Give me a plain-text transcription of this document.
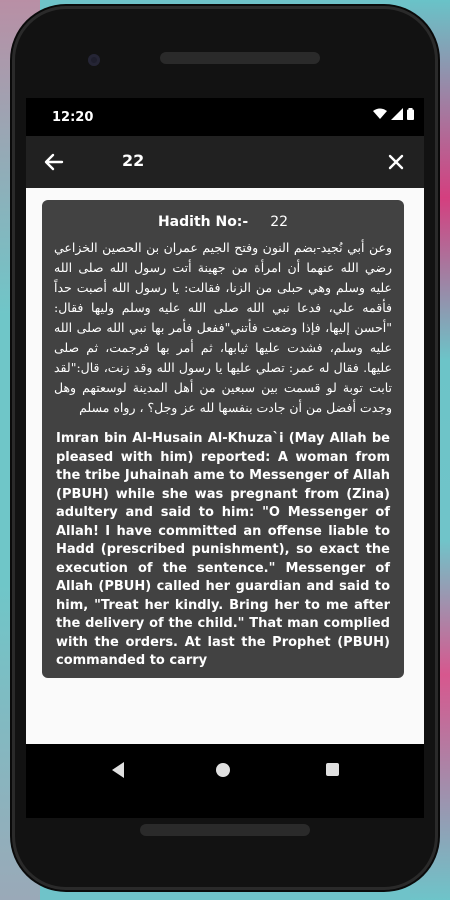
12:20
22
Hadith No:- 22
وعن أبي نُجيد-بضم النون وفتح الجيم عمران بن الحصين الخزاعي رضي الله عنهما أن امرأة من جهينة أتت رسول الله صلى الله عليه وسلم وهي حبلى من الزنا، فقالت: يا رسول الله أصبت حداً فأقمه علي، فدعا نبي الله صلى الله عليه وسلم وليها فقال: "أحسن إليها، فإذا وضعت فأتني"ففعل فأمر بها نبي الله صلى الله عليه وسلم، فشدت عليها ثيابها، ثم أمر بها فرجمت، ثم صلى عليها. فقال له عمر: تصلي عليها يا رسول الله وقد زنت، قال:"لقد تابت توبة لو قسمت بين سبعين من أهل المدينة لوسعتهم وهل وجدت أفضل من أن جادت بنفسها لله عز وجل؟ ، رواه مسلم
Imran bin Al-Husain Al-Khuza`i (May Allah be pleased with him) reported: A woman from the tribe Juhainah ame to Messenger of Allah (PBUH) while she was pregnant from (Zina) adultery and said to him: "O Messenger of Allah! I have committed an offense liable to Hadd (prescribed punishment), so exact the execution of the sentence." Messenger of Allah (PBUH) called her guardian and said to him, "Treat her kindly. Bring her to me after the delivery of the child." That man complied with the orders. At last the Prophet (PBUH) commanded to carry
